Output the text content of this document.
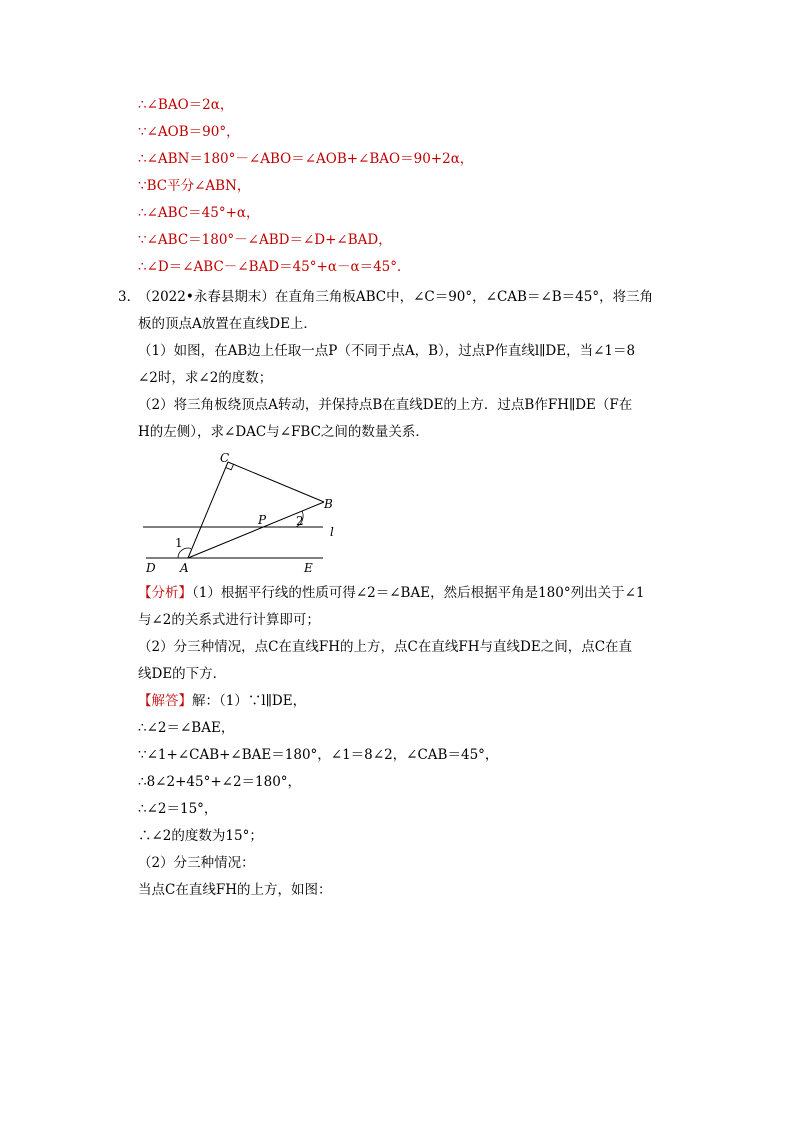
∴∠BAO＝2α，
∵∠AOB＝90°，
∴∠ABN＝180°－∠ABO＝∠AOB+∠BAO＝90+2α，
∵BC平分∠ABN，
∴∠ABC＝45°+α，
∵∠ABC＝180°－∠ABD＝∠D+∠BAD，
∴∠D＝∠ABC－∠BAD＝45°+α－α＝45°．
3．
（2022•永春县期末）在直角三角板ABC中，∠C＝90°，∠CAB＝∠B＝45°，将三角
板的顶点A放置在直线DE上．
（1）如图，在AB边上任取一点P（不同于点A，B），过点P作直线l∥DE，当∠1＝8
∠2时，求∠2的度数；
（2）将三角板绕顶点A转动，并保持点B在直线DE的上方．过点B作FH∥DE（F在
H的左侧），求∠DAC与∠FBC之间的数量关系．
C
B
P 2
l
1
D A	E
【分析】（1）根据平行线的性质可得∠2＝∠BAE，然后根据平角是180°列出关于∠1
与∠2的关系式进行计算即可；
（2）分三种情况，点C在直线FH的上方，点C在直线FH与直线DE之间，点C在直
线DE的下方．
【解答】解：（1）∵l∥DE，
∴∠2＝∠BAE，
∵∠1+∠CAB+∠BAE＝180°，∠1＝8∠2，∠CAB＝45°，
∴8∠2+45°+∠2＝180°，
∴∠2＝15°，
∴∠2的度数为15°；
（2）分三种情况：
当点C在直线FH的上方，如图：
